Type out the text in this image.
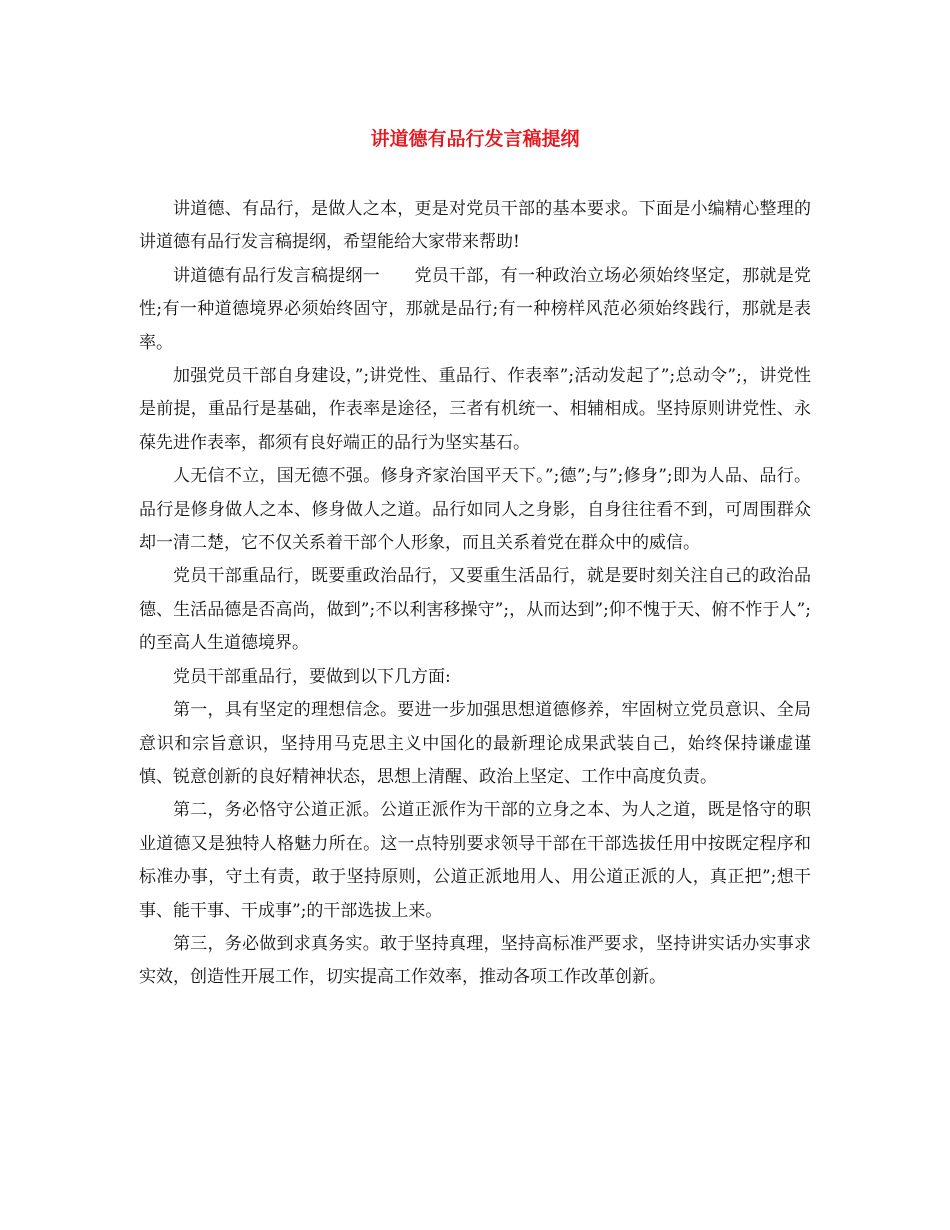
讲道德有品行发言稿提纲

讲道德、有品行，是做人之本，更是对党员干部的基本要求。下面是小编精心整理的讲道德有品行发言稿提纲，希望能给大家带来帮助!

讲道德有品行发言稿提纲一　　党员干部，有一种政治立场必须始终坚定，那就是党性;有一种道德境界必须始终固守，那就是品行;有一种榜样风范必须始终践行，那就是表率。

加强党员干部自身建设，”;讲党性、重品行、作表率”;活动发起了”;总动令”;，讲党性是前提，重品行是基础，作表率是途径，三者有机统一、相辅相成。坚持原则讲党性、永葆先进作表率，都须有良好端正的品行为坚实基石。

人无信不立，国无德不强。修身齐家治国平天下。”;德”;与”;修身”;即为人品、品行。品行是修身做人之本、修身做人之道。品行如同人之身影，自身往往看不到，可周围群众却一清二楚，它不仅关系着干部个人形象，而且关系着党在群众中的威信。

党员干部重品行，既要重政治品行，又要重生活品行，就是要时刻关注自己的政治品德、生活品德是否高尚，做到”;不以利害移操守”;，从而达到”;仰不愧于天、俯不怍于人”;的至高人生道德境界。

党员干部重品行，要做到以下几方面:

第一，具有坚定的理想信念。要进一步加强思想道德修养，牢固树立党员意识、全局意识和宗旨意识，坚持用马克思主义中国化的最新理论成果武装自己，始终保持谦虚谨慎、锐意创新的良好精神状态，思想上清醒、政治上坚定、工作中高度负责。

第二，务必恪守公道正派。公道正派作为干部的立身之本、为人之道，既是恪守的职业道德又是独特人格魅力所在。这一点特别要求领导干部在干部选拔任用中按既定程序和标准办事，守土有责，敢于坚持原则，公道正派地用人、用公道正派的人，真正把”;想干事、能干事、干成事”;的干部选拔上来。

第三，务必做到求真务实。敢于坚持真理，坚持高标准严要求，坚持讲实话办实事求实效，创造性开展工作，切实提高工作效率，推动各项工作改革创新。
